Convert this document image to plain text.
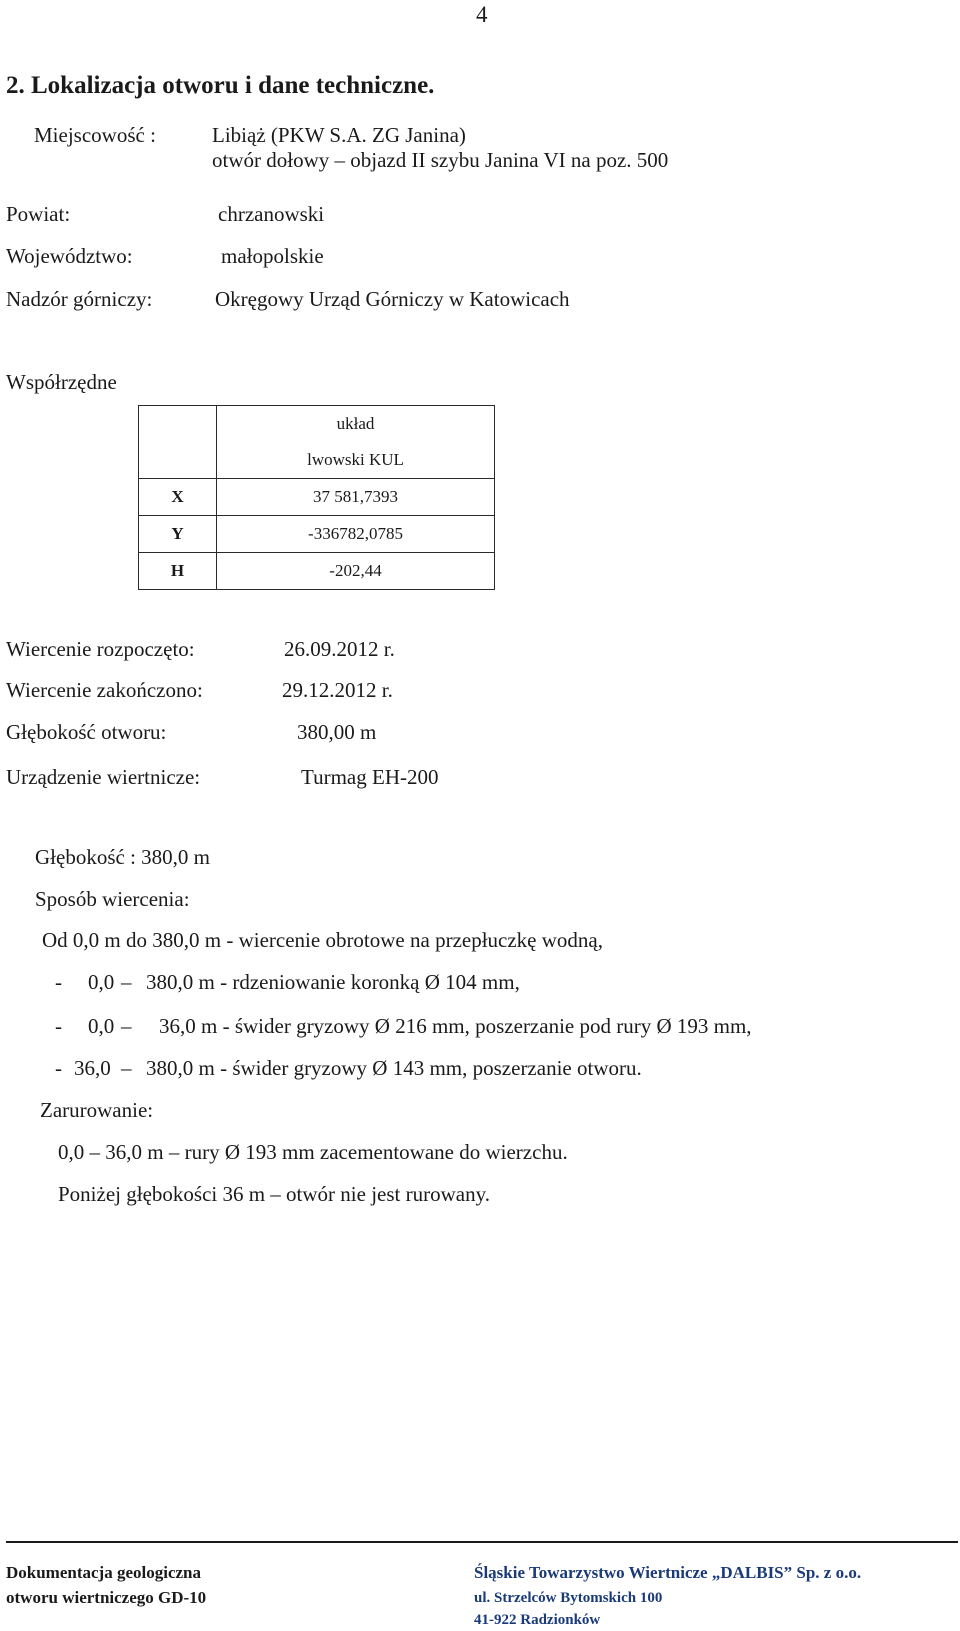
4
2. Lokalizacja otworu i dane techniczne.
Miejscowość :	Libiąż (PKW S.A. ZG Janina)
otwór dołowy – objazd II szybu Janina VI na poz. 500
Powiat:	chrzanowski
Województwo:	małopolskie
Nadzór górniczy:	Okręgowy Urząd Górniczy w Katowicach
Współrzędne
	układ
	lwowski KUL
X	37 581,7393
Y	-336782,0785
H	-202,44
Wiercenie rozpoczęto:	26.09.2012 r.
Wiercenie zakończono:	29.12.2012 r.
Głębokość otworu:	380,00 m
Urządzenie wiertnicze:	Turmag EH-200
Głębokość : 380,0 m
Sposób wiercenia:
Od 0,0 m do 380,0 m - wiercenie obrotowe na przepłuczkę wodną,
- 0,0 – 380,0 m - rdzeniowanie koronką Ø 104 mm,
- 0,0 – 36,0 m - świder gryzowy Ø 216 mm, poszerzanie pod rury Ø 193 mm,
- 36,0 – 380,0 m - świder gryzowy Ø 143 mm, poszerzanie otworu.
Zarurowanie:
0,0 – 36,0 m – rury Ø 193 mm zacementowane do wierzchu.
Poniżej głębokości 36 m – otwór nie jest rurowany.
Dokumentacja geologiczna
otworu wiertniczego GD-10
Śląskie Towarzystwo Wiertnicze „DALBIS” Sp. z o.o.
ul. Strzelców Bytomskich 100
41-922 Radzionków
